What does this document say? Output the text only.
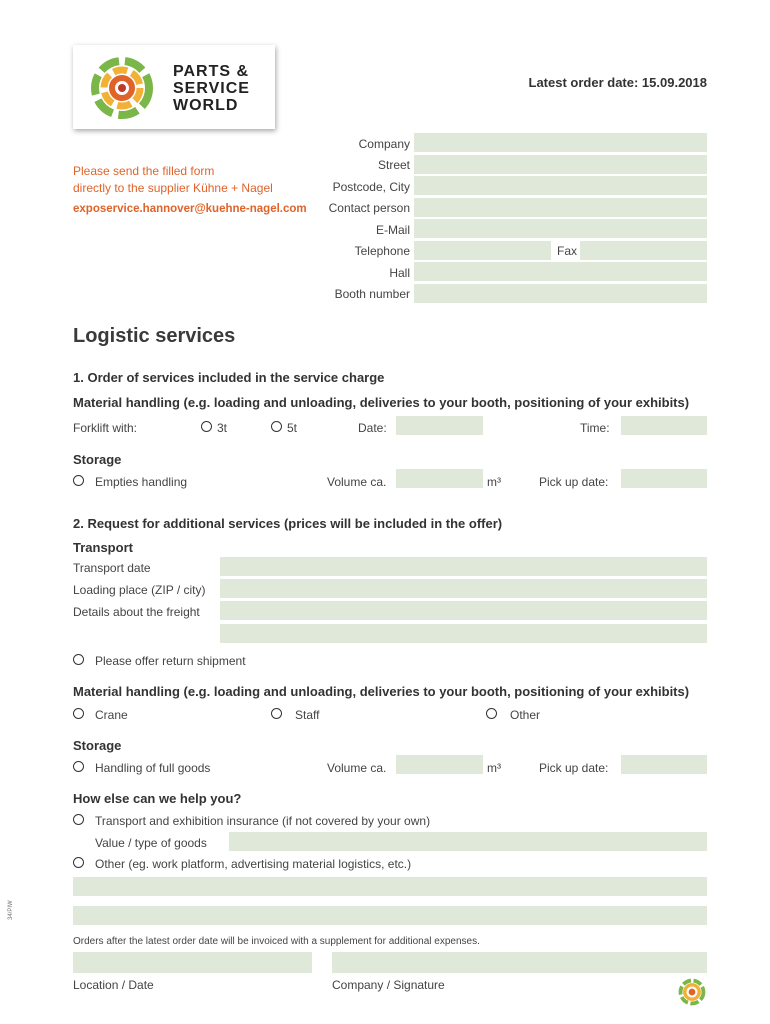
PARTS &
SERVICE
WORLD
Latest order date: 15.09.2018
Please send the filled form
directly to the supplier Kühne + Nagel
exposervice.hannover@kuehne-nagel.com
Company
Street
Postcode, City
Contact person
E-Mail
Telephone	Fax
Hall
Booth number
Logistic services
1. Order of services included in the service charge
Material handling (e.g. loading and unloading, deliveries to your booth, positioning of your exhibits)
Forklift with:	3t	5t	Date:	Time:
Storage
Empties handling	Volume ca.	m³	Pick up date:
2. Request for additional services (prices will be included in the offer)
Transport
Transport date
Loading place (ZIP / city)
Details about the freight
Please offer return shipment
Material handling (e.g. loading and unloading, deliveries to your booth, positioning of your exhibits)
Crane	Staff	Other
Storage
Handling of full goods	Volume ca.	m³	Pick up date:
How else can we help you?
Transport and exhibition insurance (if not covered by your own)
Value / type of goods
Other (eg. work platform, advertising material logistics, etc.)
34/PIW
Orders after the latest order date will be invoiced with a supplement for additional expenses.
Location / Date	Company / Signature
